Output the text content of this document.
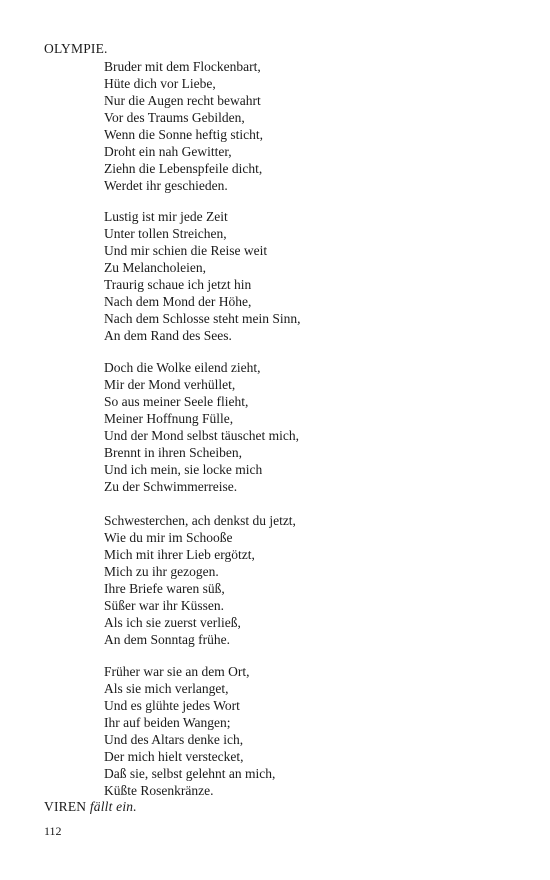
OLYMPIE.
Bruder mit dem Flockenbart,
Hüte dich vor Liebe,
Nur die Augen recht bewahrt
Vor des Traums Gebilden,
Wenn die Sonne heftig sticht,
Droht ein nah Gewitter,
Ziehn die Lebenspfeile dicht,
Werdet ihr geschieden.
Lustig ist mir jede Zeit
Unter tollen Streichen,
Und mir schien die Reise weit
Zu Melancholeien,
Traurig schaue ich jetzt hin
Nach dem Mond der Höhe,
Nach dem Schlosse steht mein Sinn,
An dem Rand des Sees.
Doch die Wolke eilend zieht,
Mir der Mond verhüllet,
So aus meiner Seele flieht,
Meiner Hoffnung Fülle,
Und der Mond selbst täuschet mich,
Brennt in ihren Scheiben,
Und ich mein, sie locke mich
Zu der Schwimmerreise.
Schwesterchen, ach denkst du jetzt,
Wie du mir im Schooße
Mich mit ihrer Lieb ergötzt,
Mich zu ihr gezogen.
Ihre Briefe waren süß,
Süßer war ihr Küssen.
Als ich sie zuerst verließ,
An dem Sonntag frühe.
Früher war sie an dem Ort,
Als sie mich verlanget,
Und es glühte jedes Wort
Ihr auf beiden Wangen;
Und des Altars denke ich,
Der mich hielt verstecket,
Daß sie, selbst gelehnt an mich,
Küßte Rosenkränze.
VIREN fällt ein.
112
